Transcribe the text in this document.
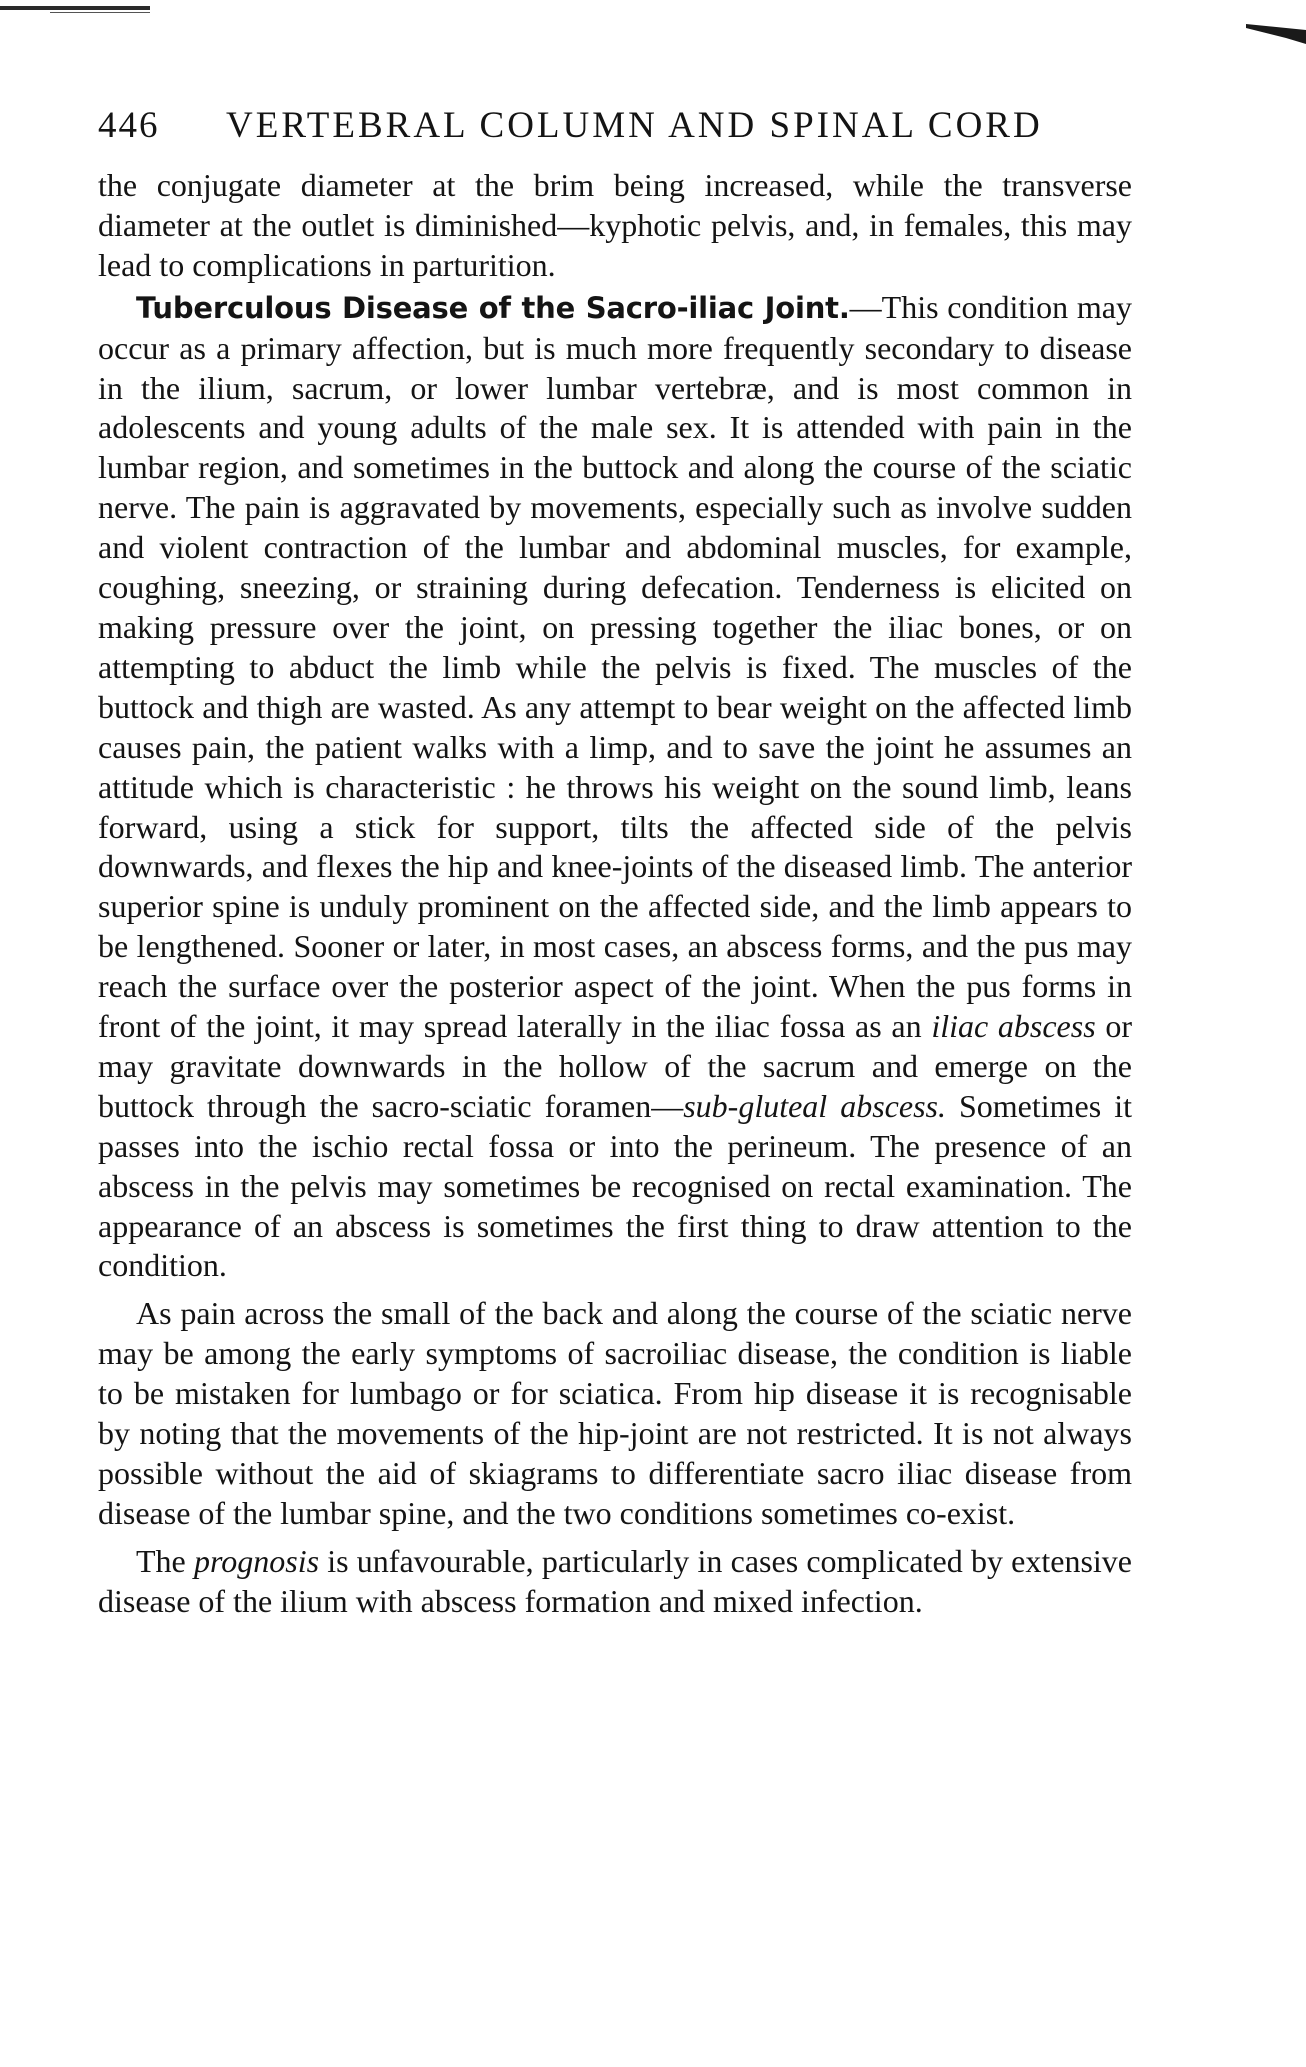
446	VERTEBRAL COLUMN AND SPINAL CORD

the conjugate diameter at the brim being increased, while the transverse diameter at the outlet is diminished—kyphotic pelvis, and, in females, this may lead to complications in parturition.

Tuberculous Disease of the Sacro-iliac Joint.—This condition may occur as a primary affection, but is much more frequently secondary to disease in the ilium, sacrum, or lower lumbar vertebræ, and is most common in adolescents and young adults of the male sex. It is attended with pain in the lumbar region, and sometimes in the buttock and along the course of the sciatic nerve. The pain is aggravated by movements, especially such as involve sudden and violent contraction of the lumbar and abdominal muscles, for example, coughing, sneezing, or straining during defecation. Tenderness is elicited on making pressure over the joint, on pressing together the iliac bones, or on attempting to abduct the limb while the pelvis is fixed. The muscles of the buttock and thigh are wasted. As any attempt to bear weight on the affected limb causes pain, the patient walks with a limp, and to save the joint he assumes an attitude which is characteristic : he throws his weight on the sound limb, leans forward, using a stick for support, tilts the affected side of the pelvis downwards, and flexes the hip and knee-joints of the diseased limb. The anterior superior spine is unduly prominent on the affected side, and the limb appears to be lengthened. Sooner or later, in most cases, an abscess forms, and the pus may reach the surface over the posterior aspect of the joint. When the pus forms in front of the joint, it may spread laterally in the iliac fossa as an iliac abscess or may gravitate downwards in the hollow of the sacrum and emerge on the buttock through the sacro-sciatic foramen—sub-gluteal abscess. Sometimes it passes into the ischio rectal fossa or into the perineum. The presence of an abscess in the pelvis may sometimes be recognised on rectal examination. The appearance of an abscess is sometimes the first thing to draw attention to the condition.

As pain across the small of the back and along the course of the sciatic nerve may be among the early symptoms of sacroiliac disease, the condition is liable to be mistaken for lumbago or for sciatica. From hip disease it is recognisable by noting that the movements of the hip-joint are not restricted. It is not always possible without the aid of skiagrams to differentiate sacro iliac disease from disease of the lumbar spine, and the two conditions sometimes co-exist.

The prognosis is unfavourable, particularly in cases complicated by extensive disease of the ilium with abscess formation and mixed infection.
